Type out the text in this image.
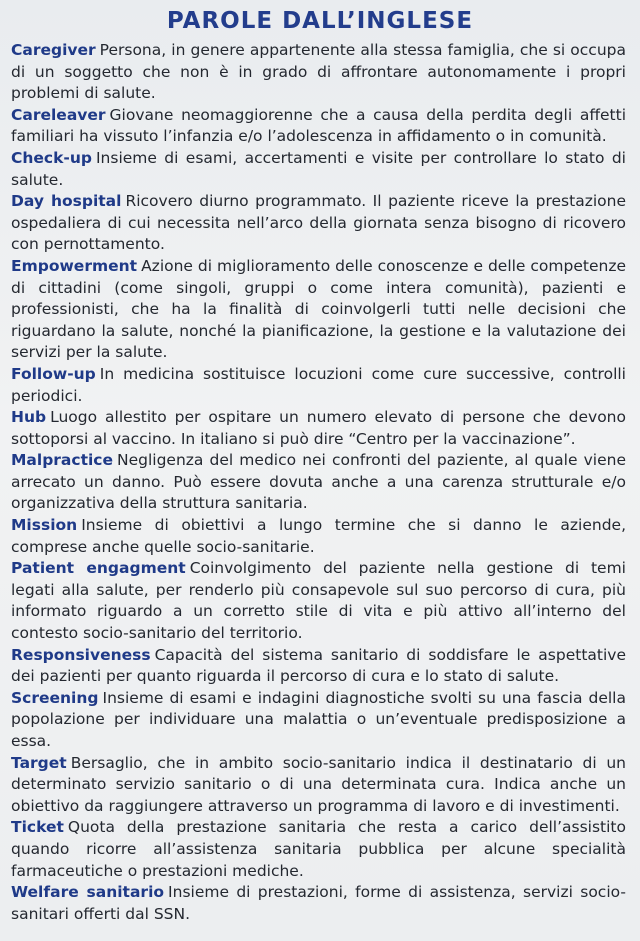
PAROLE DALL’INGLESE

Caregiver Persona, in genere appartenente alla stessa famiglia, che si occupa di un soggetto che non è in grado di affrontare autonomamente i propri problemi di salute.

Careleaver Giovane neomaggiorenne che a causa della perdita degli affetti familiari ha vissuto l’infanzia e/o l’adolescenza in affidamento o in comunità.

Check-up Insieme di esami, accertamenti e visite per controllare lo stato di salute.

Day hospital Ricovero diurno programmato. Il paziente riceve la prestazione ospedaliera di cui necessita nell’arco della giornata senza bisogno di ricovero con pernottamento.

Empowerment Azione di miglioramento delle conoscenze e delle competenze di cittadini (come singoli, gruppi o come intera comunità), pazienti e professionisti, che ha la finalità di coinvolgerli tutti nelle decisioni che riguardano la salute, nonché la pianificazione, la gestione e la valutazione dei servizi per la salute.

Follow-up In medicina sostituisce locuzioni come cure successive, controlli periodici.

Hub Luogo allestito per ospitare un numero elevato di persone che devono sottoporsi al vaccino. In italiano si può dire “Centro per la vaccinazione”.

Malpractice Negligenza del medico nei confronti del paziente, al quale viene arrecato un danno. Può essere dovuta anche a una carenza strutturale e/o organizzativa della struttura sanitaria.

Mission Insieme di obiettivi a lungo termine che si danno le aziende, comprese anche quelle socio-sanitarie.

Patient engagment Coinvolgimento del paziente nella gestione di temi legati alla salute, per renderlo più consapevole sul suo percorso di cura, più informato riguardo a un corretto stile di vita e più attivo all’interno del contesto socio-sanitario del territorio.

Responsiveness Capacità del sistema sanitario di soddisfare le aspettative dei pazienti per quanto riguarda il percorso di cura e lo stato di salute.

Screening Insieme di esami e indagini diagnostiche svolti su una fascia della popolazione per individuare una malattia o un’eventuale predisposizione a essa.

Target Bersaglio, che in ambito socio-sanitario indica il destinatario di un determinato servizio sanitario o di una determinata cura. Indica anche un obiettivo da raggiungere attraverso un programma di lavoro e di investimenti.

Ticket Quota della prestazione sanitaria che resta a carico dell’assistito quando ricorre all’assistenza sanitaria pubblica per alcune specialità farmaceutiche o prestazioni mediche.

Welfare sanitario Insieme di prestazioni, forme di assistenza, servizi socio-sanitari offerti dal SSN.
